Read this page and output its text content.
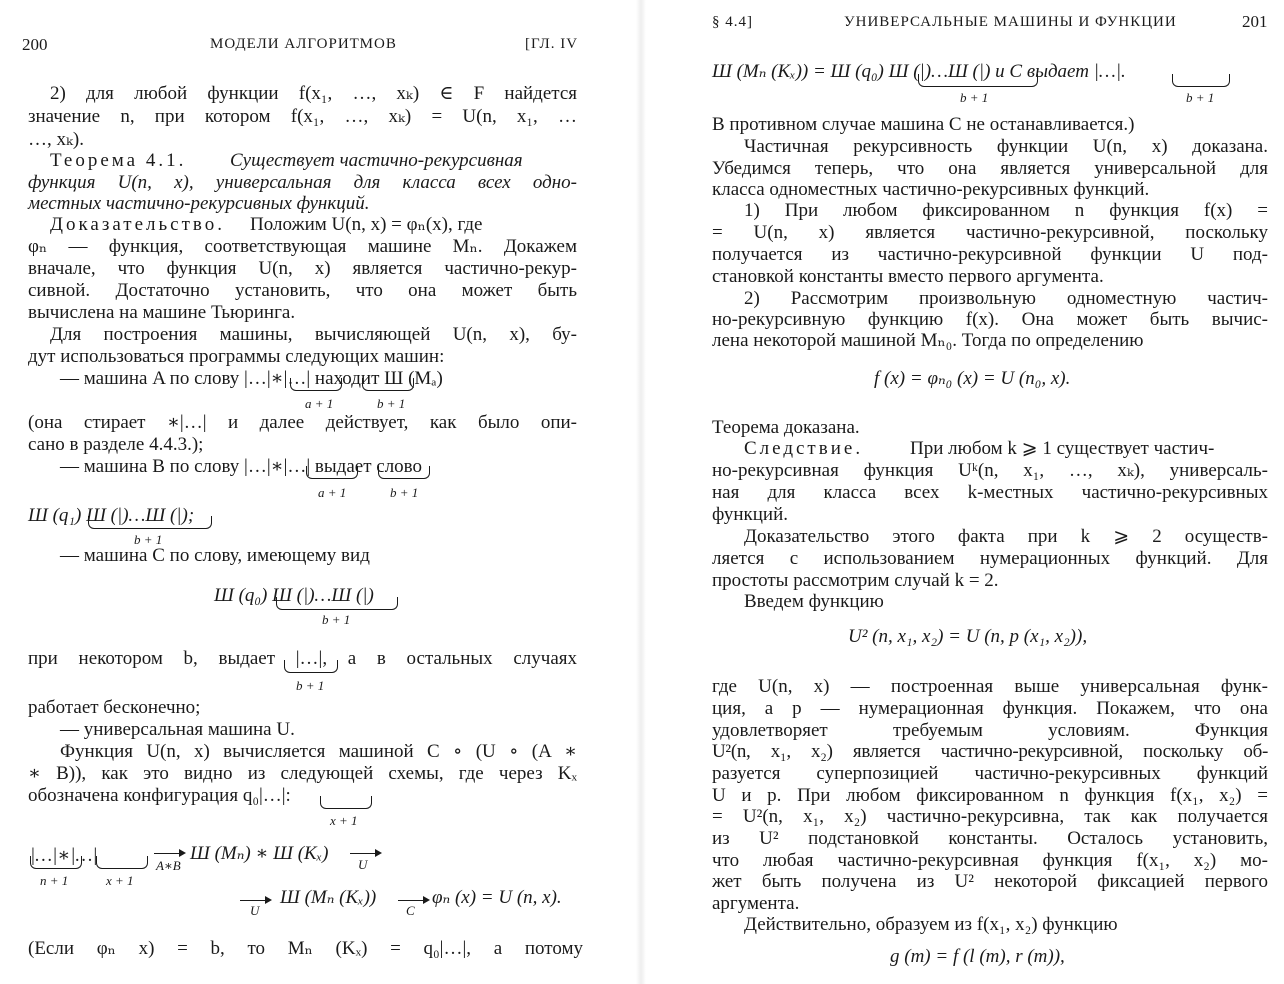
200	МОДЕЛИ АЛГОРИТМОВ	[ГЛ. IV
2) для любой функции f(x₁, …, xₖ) ∈ F найдется
значение n, при котором f(x₁, …, xₖ) = U(n, x₁, …
…, xₖ).
Теорема 4.1. Существует частично-рекурсивная
функция U(n, x), универсальная для класса всех одно-
местных частично-рекурсивных функций.
Доказательство. Положим U(n, x) = φₙ(x), где
φₙ — функция, соответствующая машине Mₙ. Докажем
вначале, что функция U(n, x) является частично-рекур-
сивной. Достаточно установить, что она может быть
вычислена на машине Тьюринга.
Для построения машины, вычисляющей U(n, x), бу-
дут использоваться программы следующих машин:
— машина A по слову |…|∗|…| находит Ш (Mₐ)
a + 1	b + 1
(она стирает ∗|…| и далее действует, как было опи-
сано в разделе 4.4.3.);
— машина B по слову |…|∗|…| выдает слово
a + 1	b + 1
Ш (q₁) Ш (|)…Ш (|);
b + 1
— машина C по слову, имеющему вид
Ш (q₀) Ш (|)…Ш (|)
b + 1
при некотором b, выдает |…|, а в остальных случаях
b + 1
работает бесконечно;
— универсальная машина U.
Функция U(n, x) вычисляется машиной C ∘ (U ∘ (A ∗
∗ B)), как это видно из следующей схемы, где через Kₓ
обозначена конфигурация q₀|…|:
x + 1
|…|∗|…|
n + 1	x + 1
A∗B
Ш (Mₙ) ∗ Ш (Kₓ)
U
U
Ш (Mₙ (Kₓ))
C
φₙ (x) = U (n, x).
(Если φₙ x) = b, то Mₙ (Kₓ) = q₀|…|, а потому
§ 4.4]	УНИВЕРСАЛЬНЫЕ МАШИНЫ И ФУНКЦИИ	201
Ш (Mₙ (Kₓ)) = Ш (q₀) Ш (|)…Ш (|) и C выдает |…|.
b + 1	b + 1
В противном случае машина C не останавливается.)
Частичная рекурсивность функции U(n, x) доказана.
Убедимся теперь, что она является универсальной для
класса одноместных частично-рекурсивных функций.
1) При любом фиксированном n функция f(x) =
= U(n, x) является частично-рекурсивной, поскольку
получается из частично-рекурсивной функции U под-
становкой константы вместо первого аргумента.
2) Рассмотрим произвольную одноместную частич-
но-рекурсивную функцию f(x). Она может быть вычис-
лена некоторой машиной Mₙ₀. Тогда по определению
f (x) = φₙ₀ (x) = U (n₀, x).
Теорема доказана.
Следствие. При любом k ⩾ 1 существует частич-
но-рекурсивная функция Uᵏ(n, x₁, …, xₖ), универсаль-
ная для класса всех k-местных частично-рекурсивных
функций.
Доказательство этого факта при k ⩾ 2 осуществ-
ляется с использованием нумерационных функций. Для
простоты рассмотрим случай k = 2.
Введем функцию
U² (n, x₁, x₂) = U (n, p (x₁, x₂)),
где U(n, x) — построенная выше универсальная функ-
ция, а p — нумерационная функция. Покажем, что она
удовлетворяет требуемым условиям. Функция
U²(n, x₁, x₂) является частично-рекурсивной, поскольку об-
разуется суперпозицией частично-рекурсивных функций
U и p. При любом фиксированном n функция f(x₁, x₂) =
= U²(n, x₁, x₂) частично-рекурсивна, так как получается
из U² подстановкой константы. Осталось установить,
что любая частично-рекурсивная функция f(x₁, x₂) мо-
жет быть получена из U² некоторой фиксацией первого
аргумента.
Действительно, образуем из f(x₁, x₂) функцию
g (m) = f (l (m), r (m)),
